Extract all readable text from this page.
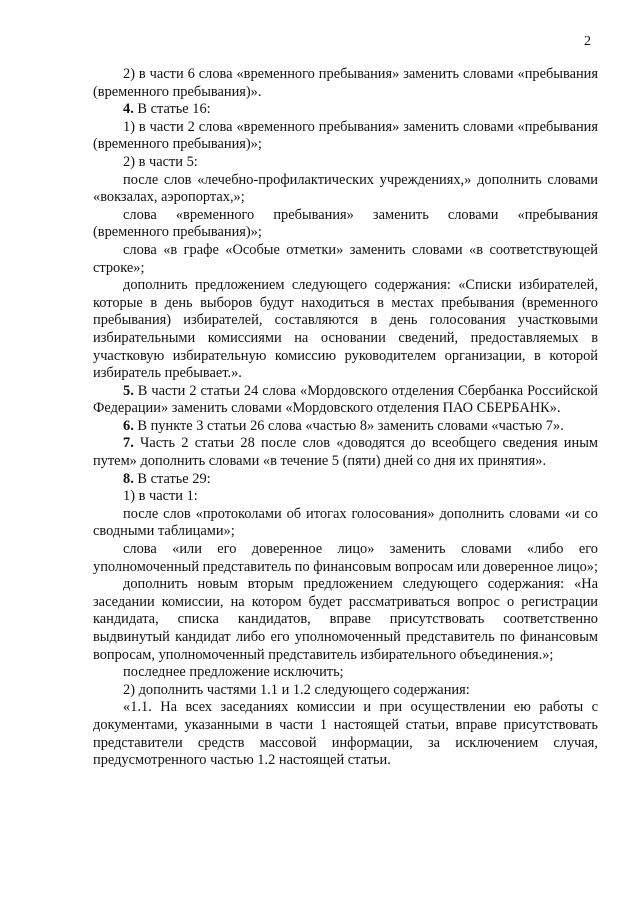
2

2) в части 6 слова «временного пребывания» заменить словами «пребывания (временного пребывания)».

4. В статье 16:

1) в части 2 слова «временного пребывания» заменить словами «пребывания (временного пребывания)»;

2) в части 5:

после слов «лечебно-профилактических учреждениях,» дополнить словами «вокзалах, аэропортах,»;

слова «временного пребывания» заменить словами «пребывания (временного пребывания)»;

слова «в графе «Особые отметки» заменить словами «в соответствующей строке»;

дополнить предложением следующего содержания: «Списки избирателей, которые в день выборов будут находиться в местах пребывания (временного пребывания) избирателей, составляются в день голосования участковыми избирательными комиссиями на основании сведений, предоставляемых в участковую избирательную комиссию руководителем организации, в которой избиратель пребывает.».

5. В части 2 статьи 24 слова «Мордовского отделения Сбербанка Российской Федерации» заменить словами «Мордовского отделения ПАО СБЕРБАНК».

6. В пункте 3 статьи 26 слова «частью 8» заменить словами «частью 7».

7. Часть 2 статьи 28 после слов «доводятся до всеобщего сведения иным путем» дополнить словами «в течение 5 (пяти) дней со дня их принятия».

8. В статье 29:

1) в части 1:

после слов «протоколами об итогах голосования» дополнить словами «и со сводными таблицами»;

слова «или его доверенное лицо» заменить словами «либо его уполномоченный представитель по финансовым вопросам или доверенное лицо»;

дополнить новым вторым предложением следующего содержания: «На заседании комиссии, на котором будет рассматриваться вопрос о регистрации кандидата, списка кандидатов, вправе присутствовать соответственно выдвинутый кандидат либо его уполномоченный представитель по финансовым вопросам, уполномоченный представитель избирательного объединения.»;

последнее предложение исключить;

2) дополнить частями 1.1 и 1.2 следующего содержания:

«1.1. На всех заседаниях комиссии и при осуществлении ею работы с документами, указанными в части 1 настоящей статьи, вправе присутствовать представители средств массовой информации, за исключением случая, предусмотренного частью 1.2 настоящей статьи.
